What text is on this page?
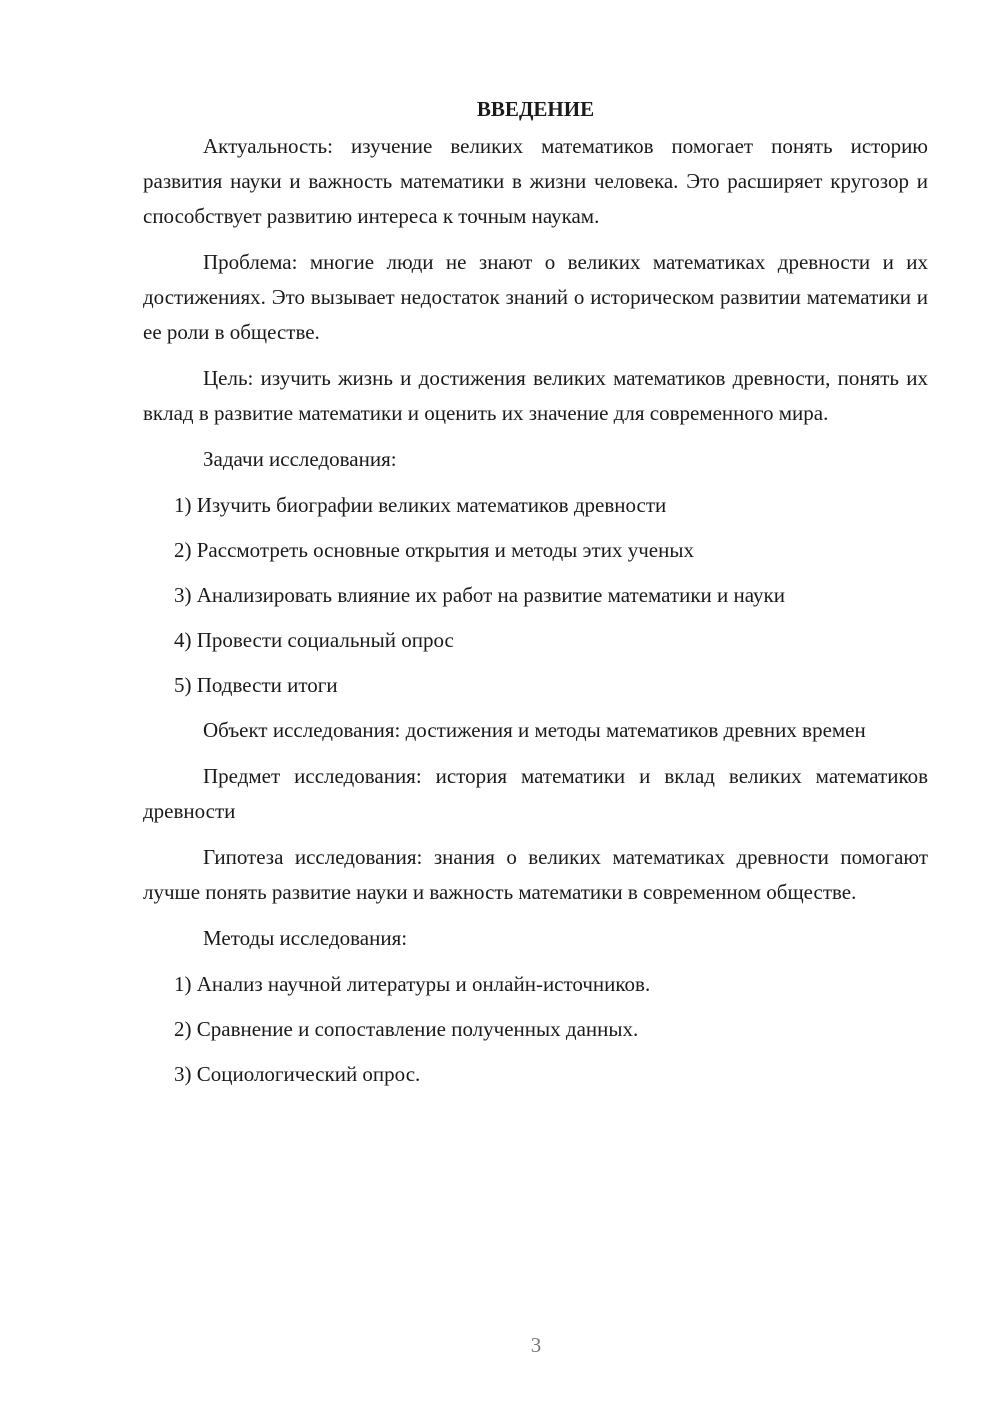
ВВЕДЕНИЕ

Актуальность: изучение великих математиков помогает понять историю развития науки и важность математики в жизни человека. Это расширяет кругозор и способствует развитию интереса к точным наукам.

Проблема: многие люди не знают о великих математиках древности и их достижениях. Это вызывает недостаток знаний о историческом развитии математики и ее роли в обществе.

Цель: изучить жизнь и достижения великих математиков древности, понять их вклад в развитие математики и оценить их значение для современного мира.

Задачи исследования:

1) Изучить биографии великих математиков древности

2) Рассмотреть основные открытия и методы этих ученых

3) Анализировать влияние их работ на развитие математики и науки

4) Провести социальный опрос

5) Подвести итоги

Объект исследования: достижения и методы математиков древних времен

Предмет исследования: история математики и вклад великих математиков древности

Гипотеза исследования: знания о великих математиках древности помогают лучше понять развитие науки и важность математики в современном обществе.

Методы исследования:

1) Анализ научной литературы и онлайн-источников.

2) Сравнение и сопоставление полученных данных.

3) Социологический опрос.

3
